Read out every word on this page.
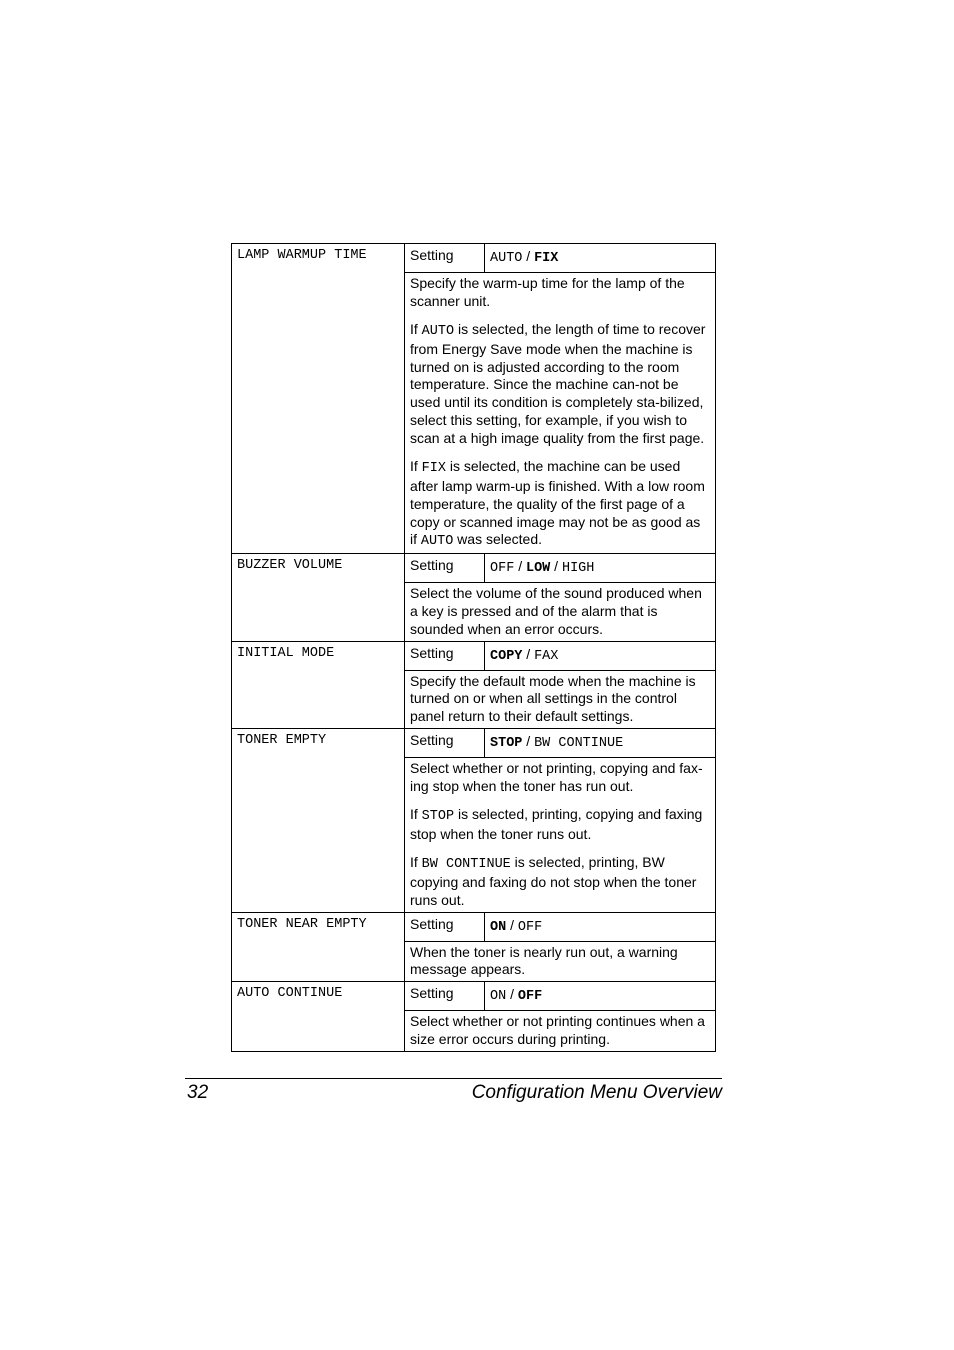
LAMP WARMUP TIME	Setting	AUTO / FIX

	Specify the warm-up time for the lamp of the scanner unit.

If AUTO is selected, the length of time to recover from Energy Save mode when the machine is turned on is adjusted according to the room temperature. Since the machine can-not be used until its condition is completely sta-bilized, select this setting, for example, if you wish to scan at a high image quality from the first page.

If FIX is selected, the machine can be used after lamp warm-up is finished. With a low room temperature, the quality of the first page of a copy or scanned image may not be as good as if AUTO was selected.	

BUZZER VOLUME	Setting	OFF / LOW / HIGH

	Select the volume of the sound produced when a key is pressed and of the alarm that is sounded when an error occurs.	

INITIAL MODE	Setting	COPY / FAX

	Specify the default mode when the machine is turned on or when all settings in the control panel return to their default settings.	

TONER EMPTY	Setting	STOP / BW CONTINUE

	Select whether or not printing, copying and fax-ing stop when the toner has run out.

If STOP is selected, printing, copying and faxing stop when the toner runs out.

If BW CONTINUE is selected, printing, BW copying and faxing do not stop when the toner runs out.	

TONER NEAR EMPTY	Setting	ON / OFF

	When the toner is nearly run out, a warning message appears.	

AUTO CONTINUE	Setting	ON / OFF

	Select whether or not printing continues when a size error occurs during printing.	

32	Configuration Menu Overview
